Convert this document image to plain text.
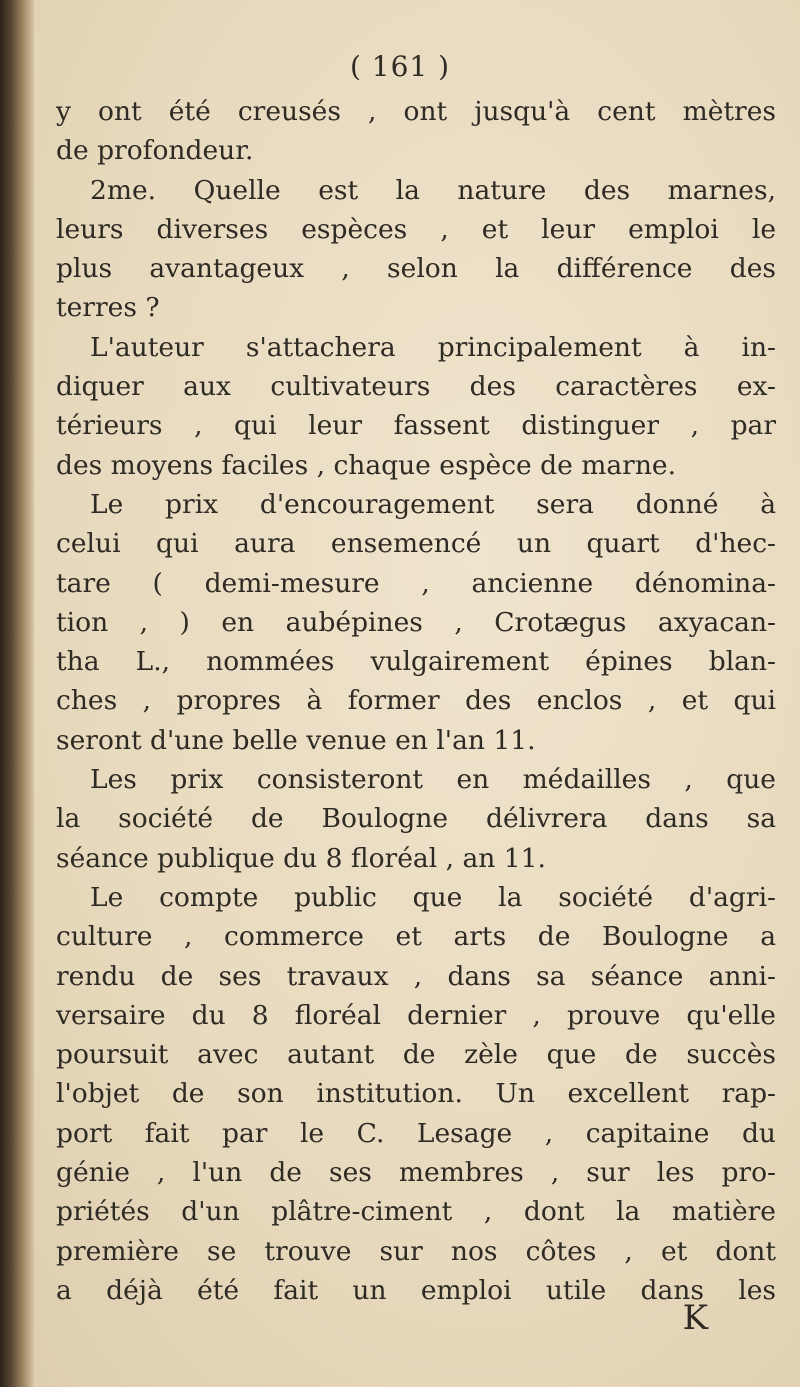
( 161 )
y ont été creusés , ont jusqu'à cent mètres
de profondeur.
2me. Quelle est la nature des marnes,
leurs diverses espèces , et leur emploi le
plus avantageux , selon la différence des
terres ?
L'auteur s'attachera principalement à in-
diquer aux cultivateurs des caractères ex-
térieurs , qui leur fassent distinguer , par
des moyens faciles , chaque espèce de marne.
Le prix d'encouragement sera donné à
celui qui aura ensemencé un quart d'hec-
tare ( demi-mesure , ancienne dénomina-
tion , ) en aubépines , Crotægus axyacan-
tha L., nommées vulgairement épines blan-
ches , propres à former des enclos , et qui
seront d'une belle venue en l'an 11.
Les prix consisteront en médailles , que
la société de Boulogne délivrera dans sa
séance publique du 8 floréal , an 11.
Le compte public que la société d'agri-
culture , commerce et arts de Boulogne a
rendu de ses travaux , dans sa séance anni-
versaire du 8 floréal dernier , prouve qu'elle
poursuit avec autant de zèle que de succès
l'objet de son institution. Un excellent rap-
port fait par le C. Lesage , capitaine du
génie , l'un de ses membres , sur les pro-
priétés d'un plâtre-ciment , dont la matière
première se trouve sur nos côtes , et dont
a déjà été fait un emploi utile dans les
K
